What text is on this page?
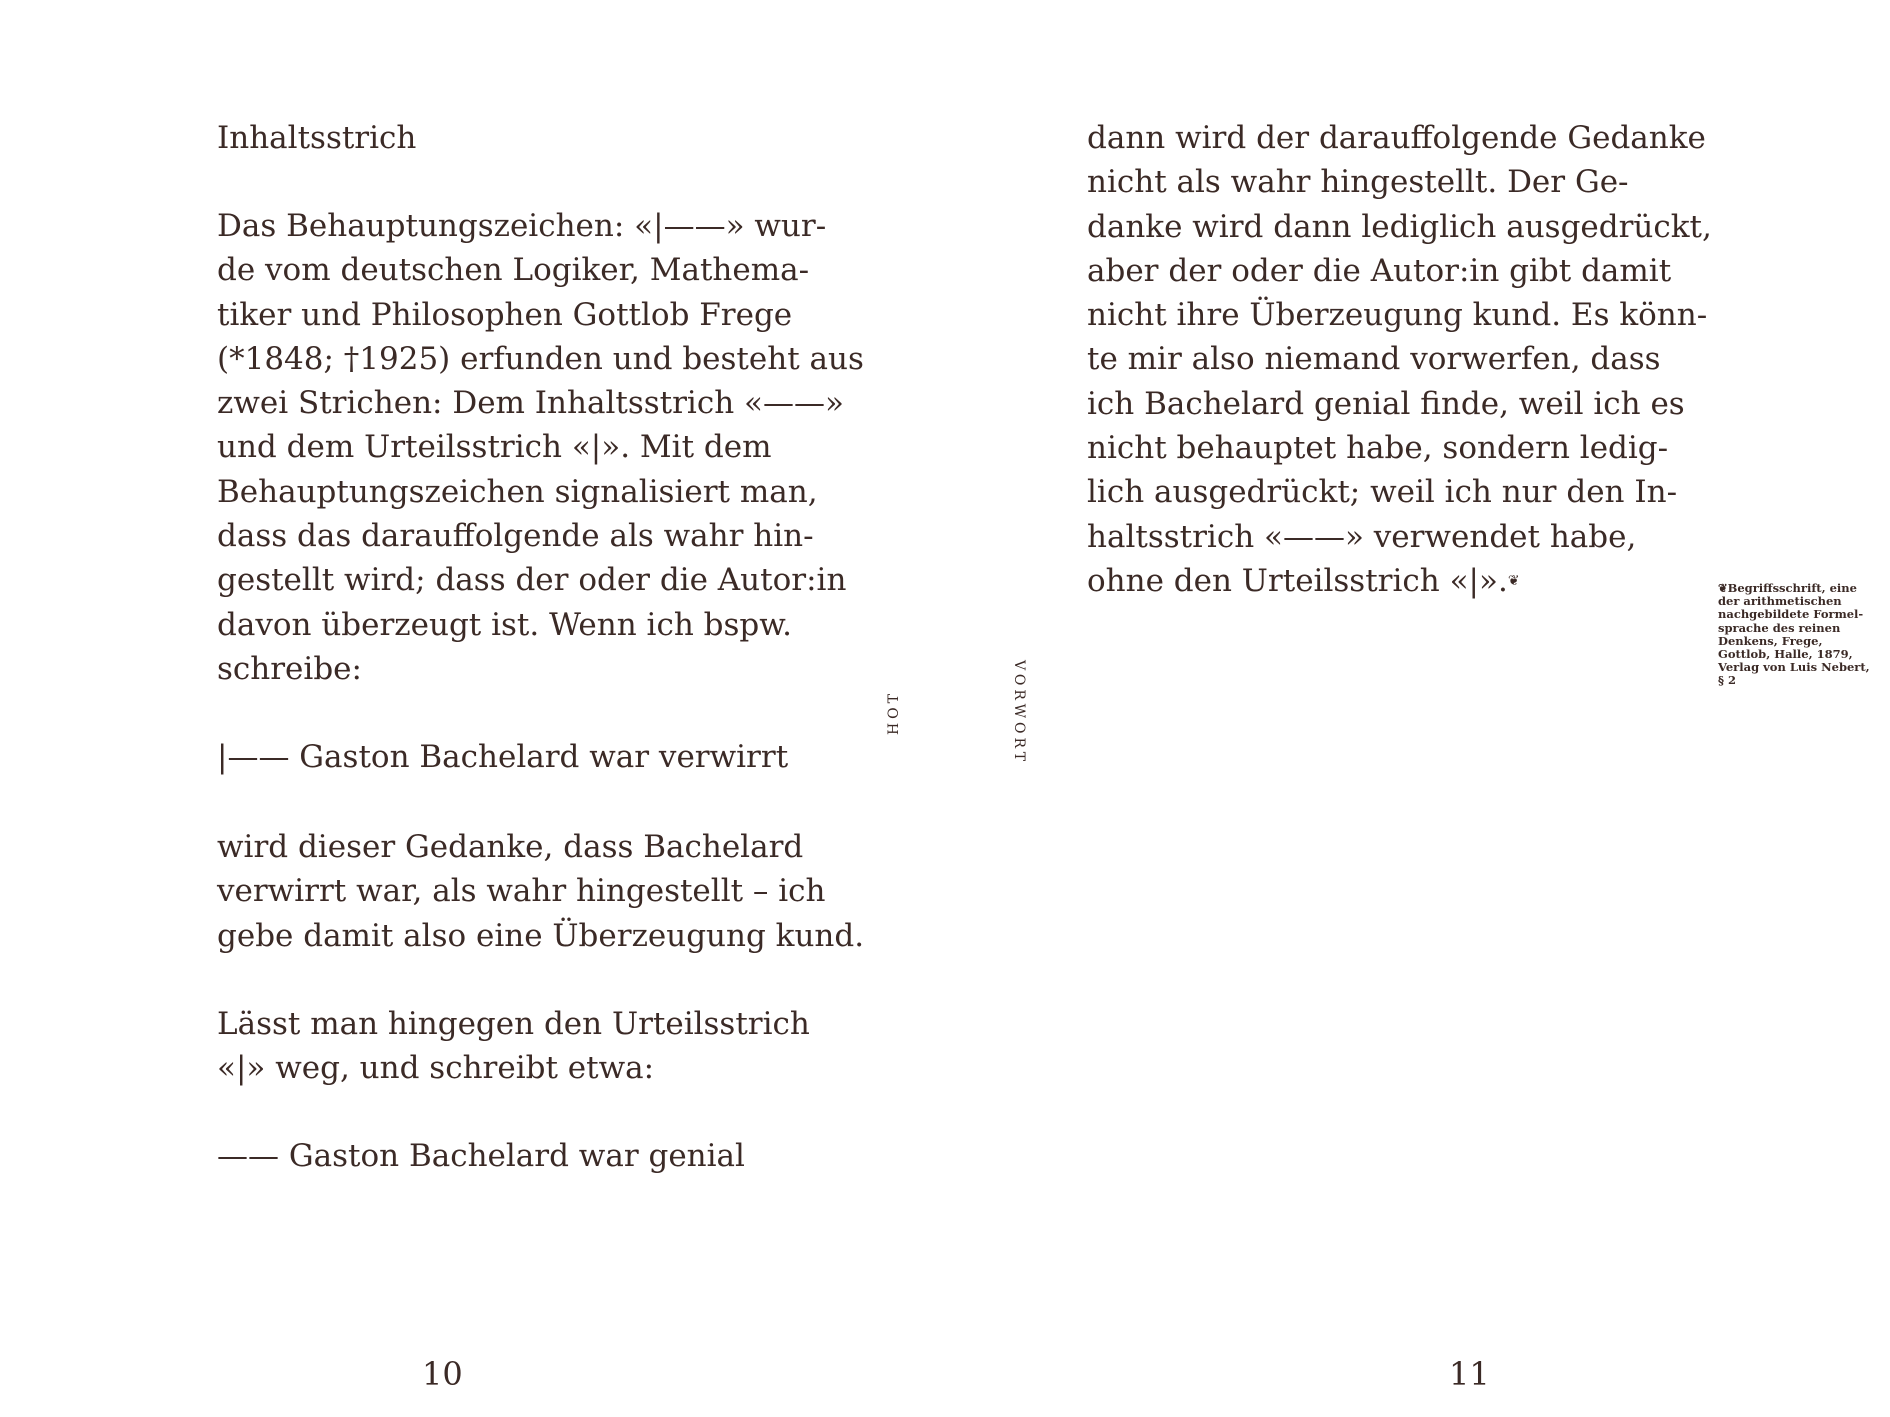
Inhaltsstrich
Das Behauptungszeichen: «|——» wur-
de vom deutschen Logiker, Mathema-
tiker und Philosophen Gottlob Frege
(*1848; †1925) erfunden und besteht aus
zwei Strichen: Dem Inhaltsstrich «——»
und dem Urteilsstrich «|». Mit dem
Behauptungszeichen signalisiert man,
dass das darauffolgende als wahr hin-
gestellt wird; dass der oder die Autor:in
davon überzeugt ist. Wenn ich bspw.
schreibe:
|—— Gaston Bachelard war verwirrt
wird dieser Gedanke, dass Bachelard
verwirrt war, als wahr hingestellt – ich
gebe damit also eine Überzeugung kund.
Lässt man hingegen den Urteilsstrich
«|» weg, und schreibt etwa:
—— Gaston Bachelard war genial
10
HOT	VORWORT
dann wird der darauffolgende Gedanke
nicht als wahr hingestellt. Der Ge-
danke wird dann lediglich ausgedrückt,
aber der oder die Autor:in gibt damit
nicht ihre Überzeugung kund. Es könn-
te mir also niemand vorwerfen, dass
ich Bachelard genial finde, weil ich es
nicht behauptet habe, sondern ledig-
lich ausgedrückt; weil ich nur den In-
haltsstrich «——» verwendet habe,
ohne den Urteilsstrich «|».❦	❦Begriffsschrift, eine
der arithmetischen
nachgebildete Formel-
sprache des reinen
Denkens, Frege,
Gottlob, Halle, 1879,
Verlag von Luis Nebert,
§ 2
11
